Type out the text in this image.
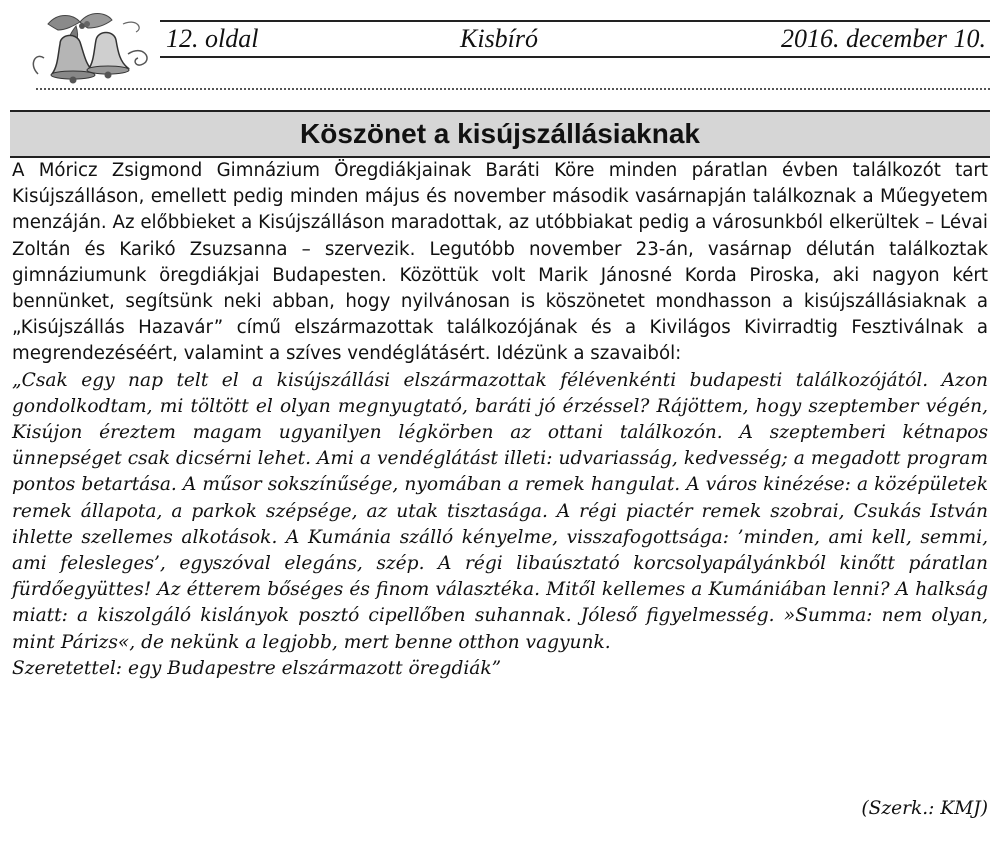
12. oldal	Kisbíró	2016. december 10.
Köszönet a kisújszállásiaknak

A Móricz Zsigmond Gimnázium Öregdiákjainak Baráti Köre minden páratlan évben találkozót tart Kisújszálláson, emellett pedig minden május és november második vasárnapján találkoznak a Műegyetem menzáján. Az előbbieket a Kisújszálláson maradottak, az utóbbiakat pedig a városunkból elkerültek – Lévai Zoltán és Karikó Zsuzsanna – szervezik. Legutóbb november 23-án, vasárnap délután találkoztak gimnáziumunk öregdiákjai Budapesten. Közöttük volt Marik Jánosné Korda Piroska, aki nagyon kért bennünket, segítsünk neki abban, hogy nyilvánosan is köszönetet mondhasson a kisújszállásiaknak a „Kisújszállás Hazavár” című elszármazottak találkozójának és a Kivilágos Kivirradtig Fesztiválnak a megrendezéséért, valamint a szíves vendéglátásért. Idézünk a szavaiból:

„Csak egy nap telt el a kisújszállási elszármazottak félévenkénti budapesti találkozójától. Azon gondolkodtam, mi töltött el olyan megnyugtató, baráti jó érzéssel? Rájöttem, hogy szeptember végén, Kisújon éreztem magam ugyanilyen légkörben az ottani találkozón. A szeptemberi kétnapos ünnepséget csak dicsérni lehet. Ami a vendéglátást illeti: udvariasság, kedvesség; a megadott program pontos betartása. A műsor sokszínűsége, nyomában a remek hangulat. A város kinézése: a középületek remek állapota, a parkok szépsége, az utak tisztasága. A régi piactér remek szobrai, Csukás István ihlette szellemes alkotások. A Kumánia szálló kényelme, visszafogottsága: ’minden, ami kell, semmi, ami felesleges’, egyszóval elegáns, szép. A régi libaúsztató korcsolyapályánkból kinőtt páratlan fürdőegyüttes! Az étterem bőséges és finom választéka. Mitől kellemes a Kumániában lenni? A halkság miatt: a kiszolgáló kislányok posztó cipellőben suhannak. Jóleső figyelmesség. »Summa: nem olyan, mint Párizs«, de nekünk a legjobb, mert benne otthon vagyunk.

Szeretettel: egy Budapestre elszármazott öregdiák”

(Szerk.: KMJ)
